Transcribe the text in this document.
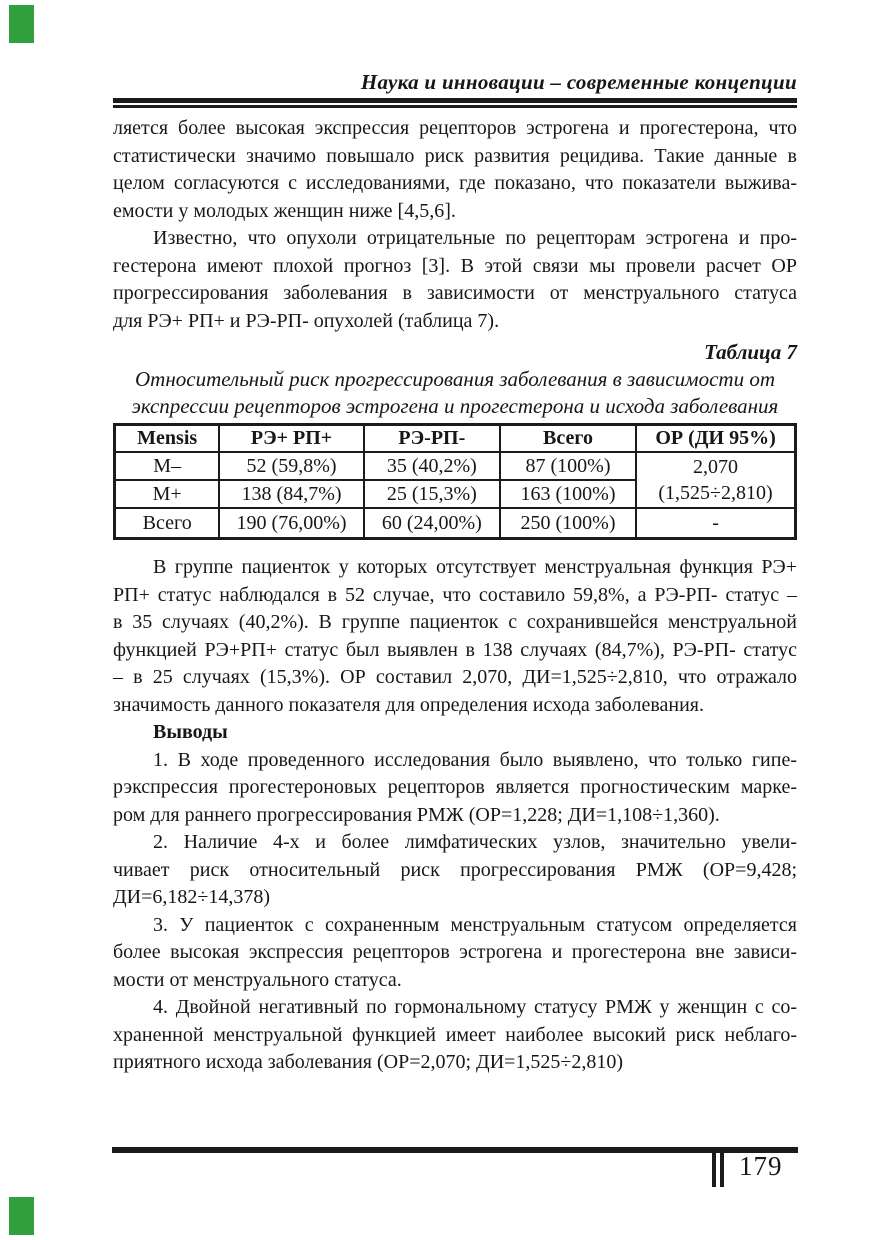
Наука и инновации – современные концепции
ляется более высокая экспрессия рецепторов эстрогена и прогестерона, что
статистически значимо повышало риск развития рецидива. Такие данные в
целом согласуются с исследованиями, где показано, что показатели выжива-
емости у молодых женщин ниже [4,5,6].
Известно, что опухоли отрицательные по рецепторам эстрогена и про-
гестерона имеют плохой прогноз [3]. В этой связи мы провели расчет ОР
прогрессирования заболевания в зависимости от менструального статуса
для РЭ+ РП+ и РЭ-РП- опухолей (таблица 7).
Таблица 7
Относительный риск прогрессирования заболевания в зависимости от
экспрессии рецепторов эстрогена и прогестерона и исхода заболевания
Mensis	РЭ+ РП+	РЭ-РП-	Всего	ОР (ДИ 95%)
М–	52 (59,8%)	35 (40,2%)	87 (100%)	2,070
(1,525÷2,810)

М+	138 (84,7%)	25 (15,3%)	163 (100%)	
Всего	190 (76,00%)	60 (24,00%)	250 (100%)	-
В группе пациенток у которых отсутствует менструальная функция РЭ+
РП+ статус наблюдался в 52 случае, что составило 59,8%, а РЭ-РП- статус –
в 35 случаях (40,2%). В группе пациенток с сохранившейся менструальной
функцией РЭ+РП+ статус был выявлен в 138 случаях (84,7%), РЭ-РП- статус
– в 25 случаях (15,3%). ОР составил 2,070, ДИ=1,525÷2,810, что отражало
значимость данного показателя для определения исхода заболевания.
Выводы
1. В ходе проведенного исследования было выявлено, что только гипе-
рэкспрессия прогестероновых рецепторов является прогностическим марке-
ром для раннего прогрессирования РМЖ (ОР=1,228; ДИ=1,108÷1,360).
2. Наличие 4-х и более лимфатических узлов, значительно увели-
чивает риск относительный риск прогрессирования РМЖ (ОР=9,428;
ДИ=6,182÷14,378)
3. У пациенток с сохраненным менструальным статусом определяется
более высокая экспрессия рецепторов эстрогена и прогестерона вне зависи-
мости от менструального статуса.
4. Двойной негативный по гормональному статусу РМЖ у женщин с со-
храненной менструальной функцией имеет наиболее высокий риск неблаго-
приятного исхода заболевания (ОР=2,070; ДИ=1,525÷2,810)
179
